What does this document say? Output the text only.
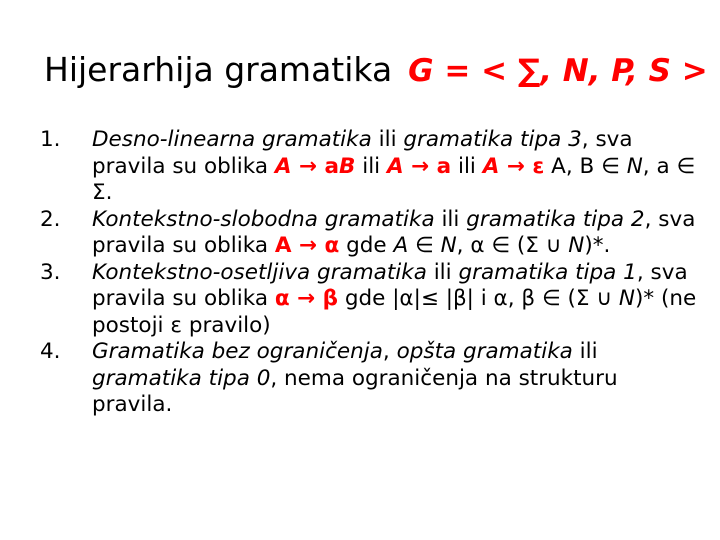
Hijerarhija gramatika G = < ∑, N, P, S >
1.	Desno-linearna gramatika ili gramatika tipa 3, sva pravila su oblika A → aB ili A → a ili A → ε A, B ∈ N, a ∈ Σ.
2.	Kontekstno-slobodna gramatika ili gramatika tipa 2, sva pravila su oblika A → α gde A ∈ N, α ∈ (Σ ∪ N)*.
3.	Kontekstno-osetljiva gramatika ili gramatika tipa 1, sva pravila su oblika α → β gde |α|≤ |β| i α, β ∈ (Σ ∪ N)* (ne postoji ε pravilo)
4.	Gramatika bez ograničenja, opšta gramatika ili gramatika tipa 0, nema ograničenja na strukturu pravila.
